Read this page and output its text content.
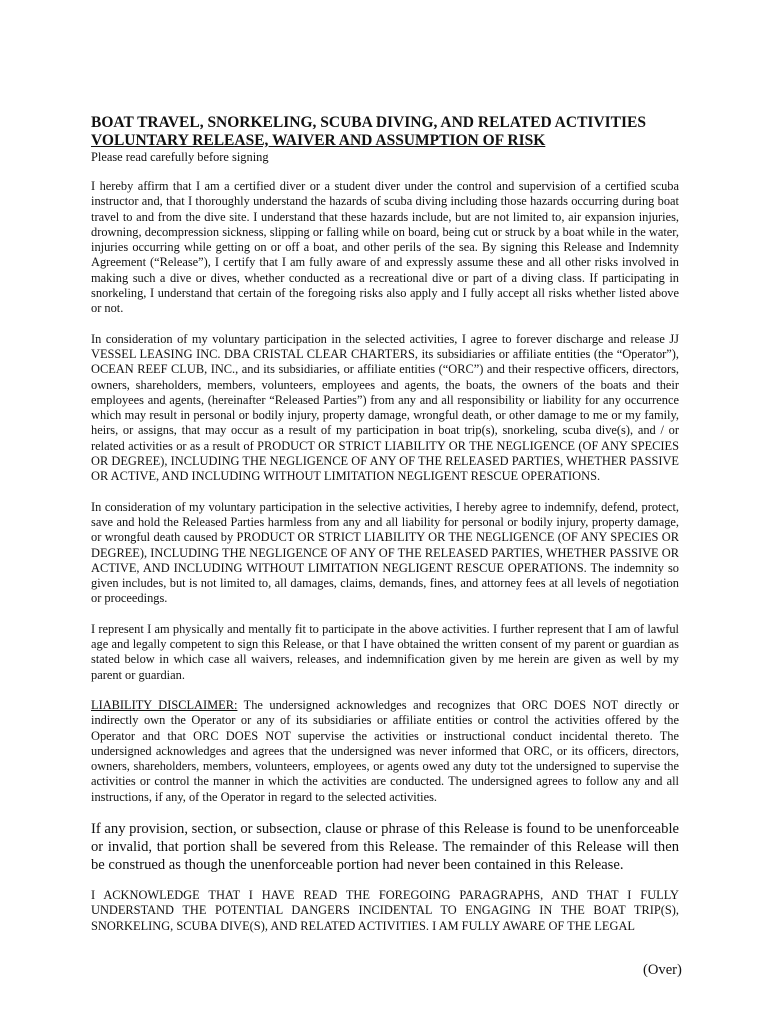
BOAT TRAVEL, SNORKELING, SCUBA DIVING, AND RELATED ACTIVITIES
VOLUNTARY RELEASE, WAIVER AND ASSUMPTION OF RISK
Please read carefully before signing

I hereby affirm that I am a certified diver or a student diver under the control and supervision of a certified scuba instructor and, that I thoroughly understand the hazards of scuba diving including those hazards occurring during boat travel to and from the dive site. I understand that these hazards include, but are not limited to, air expansion injuries, drowning, decompression sickness, slipping or falling while on board, being cut or struck by a boat while in the water, injuries occurring while getting on or off a boat, and other perils of the sea. By signing this Release and Indemnity Agreement (“Release”), I certify that I am fully aware of and expressly assume these and all other risks involved in making such a dive or dives, whether conducted as a recreational dive or part of a diving class. If participating in snorkeling, I understand that certain of the foregoing risks also apply and I fully accept all risks whether listed above or not.

In consideration of my voluntary participation in the selected activities, I agree to forever discharge and release JJ VESSEL LEASING INC. DBA CRISTAL CLEAR CHARTERS, its subsidiaries or affiliate entities (the “Operator”), OCEAN REEF CLUB, INC., and its subsidiaries, or affiliate entities (“ORC”) and their respective officers, directors, owners, shareholders, members, volunteers, employees and agents, the boats, the owners of the boats and their employees and agents, (hereinafter “Released Parties”) from any and all responsibility or liability for any occurrence which may result in personal or bodily injury, property damage, wrongful death, or other damage to me or my family, heirs, or assigns, that may occur as a result of my participation in boat trip(s), snorkeling, scuba dive(s), and / or related activities or as a result of PRODUCT OR STRICT LIABILITY OR THE NEGLIGENCE (OF ANY SPECIES OR DEGREE), INCLUDING THE NEGLIGENCE OF ANY OF THE RELEASED PARTIES, WHETHER PASSIVE OR ACTIVE, AND INCLUDING WITHOUT LIMITATION NEGLIGENT RESCUE OPERATIONS.

In consideration of my voluntary participation in the selective activities, I hereby agree to indemnify, defend, protect, save and hold the Released Parties harmless from any and all liability for personal or bodily injury, property damage, or wrongful death caused by PRODUCT OR STRICT LIABILITY OR THE NEGLIGENCE (OF ANY SPECIES OR DEGREE), INCLUDING THE NEGLIGENCE OF ANY OF THE RELEASED PARTIES, WHETHER PASSIVE OR ACTIVE, AND INCLUDING WITHOUT LIMITATION NEGLIGENT RESCUE OPERATIONS. The indemnity so given includes, but is not limited to, all damages, claims, demands, fines, and attorney fees at all levels of negotiation or proceedings.

I represent I am physically and mentally fit to participate in the above activities. I further represent that I am of lawful age and legally competent to sign this Release, or that I have obtained the written consent of my parent or guardian as stated below in which case all waivers, releases, and indemnification given by me herein are given as well by my parent or guardian.

LIABILITY DISCLAIMER: The undersigned acknowledges and recognizes that ORC DOES NOT directly or indirectly own the Operator or any of its subsidiaries or affiliate entities or control the activities offered by the Operator and that ORC DOES NOT supervise the activities or instructional conduct incidental thereto. The undersigned acknowledges and agrees that the undersigned was never informed that ORC, or its officers, directors, owners, shareholders, members, volunteers, employees, or agents owed any duty tot the undersigned to supervise the activities or control the manner in which the activities are conducted. The undersigned agrees to follow any and all instructions, if any, of the Operator in regard to the selected activities.

If any provision, section, or subsection, clause or phrase of this Release is found to be unenforceable or invalid, that portion shall be severed from this Release. The remainder of this Release will then be construed as though the unenforceable portion had never been contained in this Release.

I ACKNOWLEDGE THAT I HAVE READ THE FOREGOING PARAGRAPHS, AND THAT I FULLY UNDERSTAND THE POTENTIAL DANGERS INCIDENTAL TO ENGAGING IN THE BOAT TRIP(S), SNORKELING, SCUBA DIVE(S), AND RELATED ACTIVITIES. I AM FULLY AWARE OF THE LEGAL

(Over)
